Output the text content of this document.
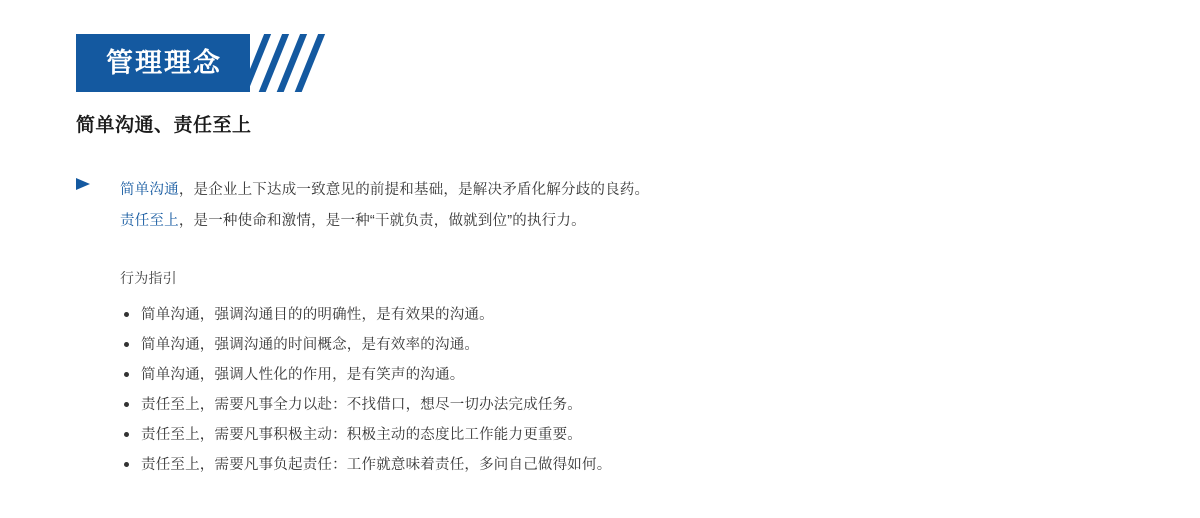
管理理念
简单沟通、责任至上
简单沟通，是企业上下达成一致意见的前提和基础，是解决矛盾化解分歧的良药。
责任至上，是一种使命和激情，是一种“干就负责，做就到位”的执行力。
行为指引
简单沟通，强调沟通目的的明确性，是有效果的沟通。
简单沟通，强调沟通的时间概念，是有效率的沟通。
简单沟通，强调人性化的作用，是有笑声的沟通。
责任至上，需要凡事全力以赴：不找借口，想尽一切办法完成任务。
责任至上，需要凡事积极主动：积极主动的态度比工作能力更重要。
责任至上，需要凡事负起责任：工作就意味着责任，多问自己做得如何。
